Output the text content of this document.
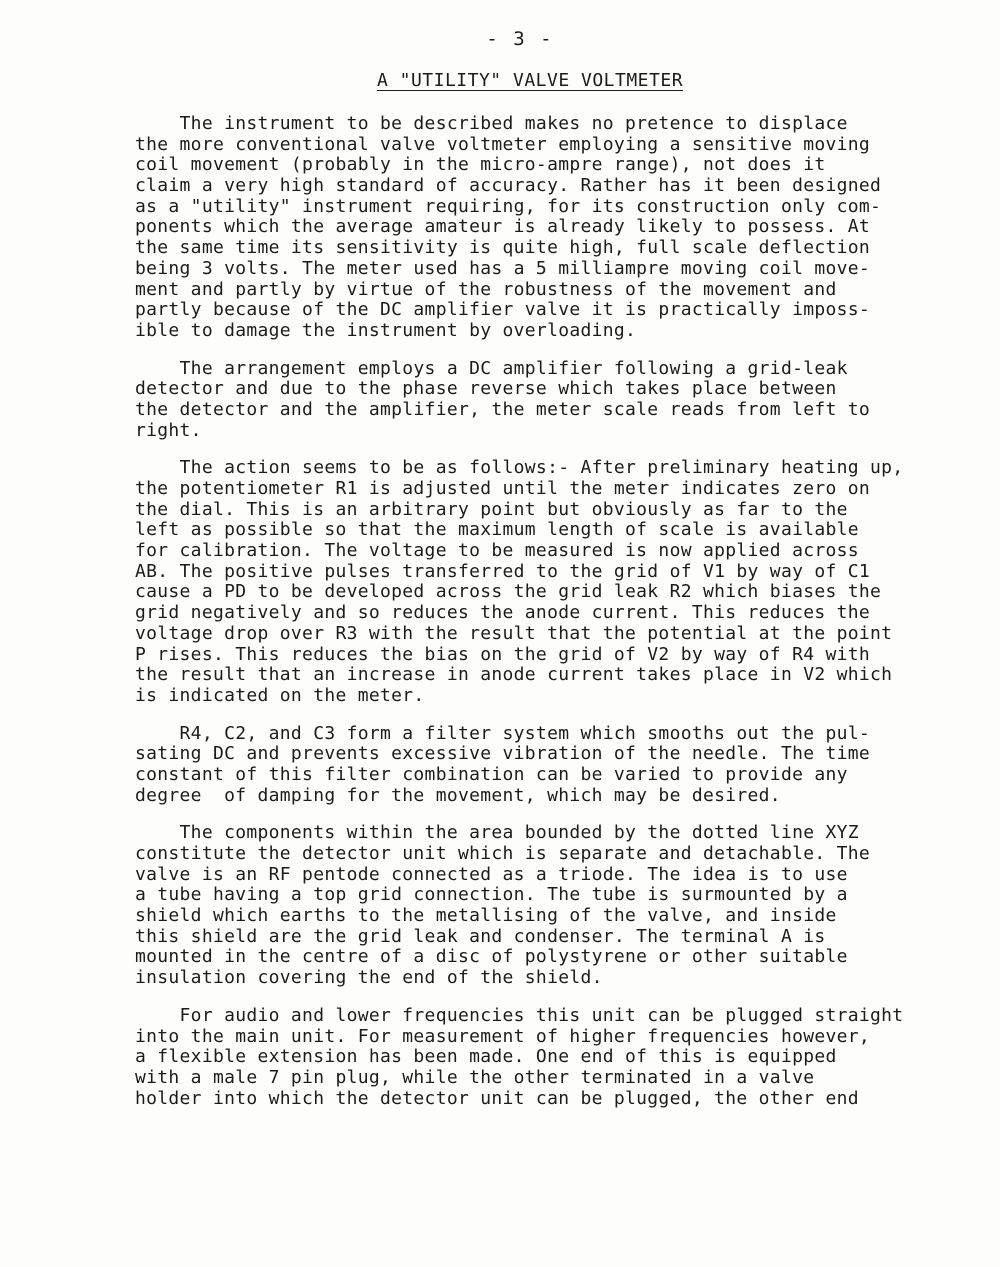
- 3 -
A "UTILITY" VALVE VOLTMETER
The instrument to be described makes no pretence to displace
the more conventional valve voltmeter employing a sensitive moving
coil movement (probably in the micro-ampre range), not does it
claim a very high standard of accuracy. Rather has it been designed
as a "utility" instrument requiring, for its construction only com-
ponents which the average amateur is already likely to possess. At
the same time its sensitivity is quite high, full scale deflection
being 3 volts. The meter used has a 5 milliampre moving coil move-
ment and partly by virtue of the robustness of the movement and
partly because of the DC amplifier valve it is practically imposs-
ible to damage the instrument by overloading.
The arrangement employs a DC amplifier following a grid-leak
detector and due to the phase reverse which takes place between
the detector and the amplifier, the meter scale reads from left to
right.
The action seems to be as follows:- After preliminary heating up,
the potentiometer R1 is adjusted until the meter indicates zero on
the dial. This is an arbitrary point but obviously as far to the
left as possible so that the maximum length of scale is available
for calibration. The voltage to be measured is now applied across
AB. The positive pulses transferred to the grid of V1 by way of C1
cause a PD to be developed across the grid leak R2 which biases the
grid negatively and so reduces the anode current. This reduces the
voltage drop over R3 with the result that the potential at the point
P rises. This reduces the bias on the grid of V2 by way of R4 with
the result that an increase in anode current takes place in V2 which
is indicated on the meter.
R4, C2, and C3 form a filter system which smooths out the pul-
sating DC and prevents excessive vibration of the needle. The time
constant of this filter combination can be varied to provide any
degree  of damping for the movement, which may be desired.
The components within the area bounded by the dotted line XYZ
constitute the detector unit which is separate and detachable. The
valve is an RF pentode connected as a triode. The idea is to use
a tube having a top grid connection. The tube is surmounted by a
shield which earths to the metallising of the valve, and inside
this shield are the grid leak and condenser. The terminal A is
mounted in the centre of a disc of polystyrene or other suitable
insulation covering the end of the shield.
For audio and lower frequencies this unit can be plugged straight
into the main unit. For measurement of higher frequencies however,
a flexible extension has been made. One end of this is equipped
with a male 7 pin plug, while the other terminated in a valve
holder into which the detector unit can be plugged, the other end
